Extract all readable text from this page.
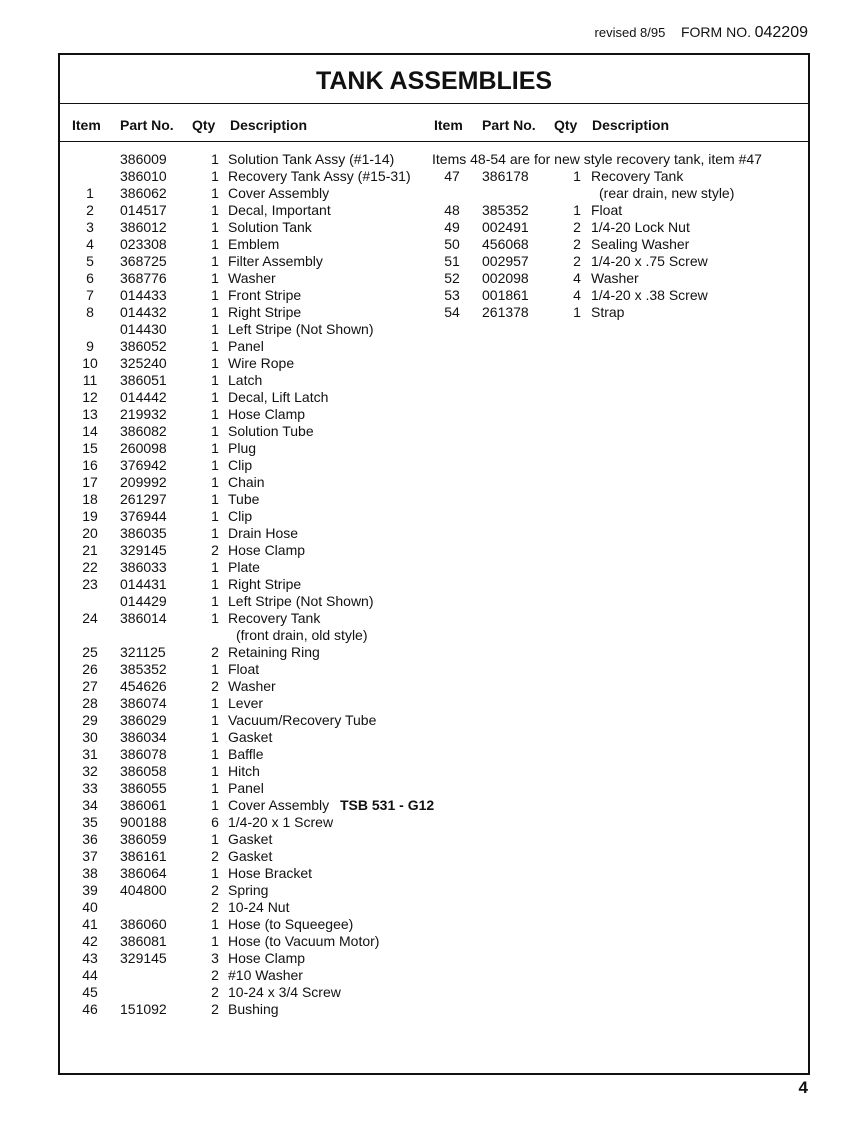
revised 8/95 FORM NO. 042209
TANK ASSEMBLIES
Item Part No. Qty Description	Item Part No. Qty Description
Items 48-54 are for new style recovery tank, item #47
386009	1 Solution Tank Assy (#1-14)
386010	1 Recovery Tank Assy (#15-31)
1	386062	1 Cover Assembly
2	014517	1 Decal, Important
3	386012	1 Solution Tank
4	023308	1 Emblem
5	368725	1 Filter Assembly
6	368776	1 Washer
7	014433	1 Front Stripe
8	014432	1 Right Stripe
014430	1 Left Stripe (Not Shown)
9	386052	1 Panel
10	325240	1 Wire Rope
11	386051	1 Latch
12	014442	1 Decal, Lift Latch
13	219932	1 Hose Clamp
14	386082	1 Solution Tube
15	260098	1 Plug
16	376942	1 Clip
17	209992	1 Chain
18	261297	1 Tube
19	376944	1 Clip
20	386035	1 Drain Hose
21	329145	2 Hose Clamp
22	386033	1 Plate
23	014431	1 Right Stripe
014429	1 Left Stripe (Not Shown)
24	386014	1 Recovery Tank
(front drain, old style)
25	321125	2 Retaining Ring
26	385352	1 Float
27	454626	2 Washer
28	386074	1 Lever
29	386029	1 Vacuum/Recovery Tube
30	386034	1 Gasket
31	386078	1 Baffle
32	386058	1 Hitch
33	386055	1 Panel
34	386061	1 Cover Assembly TSB 531 - G12
35	900188	6 1/4-20 x 1 Screw
36	386059	1 Gasket
37	386161	2 Gasket
38	386064	1 Hose Bracket
39	404800	2 Spring
40	2 10-24 Nut
41	386060	1 Hose (to Squeegee)
42	386081	1 Hose (to Vacuum Motor)
43	329145	3 Hose Clamp
44	2 #10 Washer
45	2 10-24 x 3/4 Screw
46	151092	2 Bushing
47	386178	1 Recovery Tank
(rear drain, new style)
48	385352	1 Float
49	002491	2 1/4-20 Lock Nut
50	456068	2 Sealing Washer
51	002957	2 1/4-20 x .75 Screw
52	002098	4 Washer
53	001861	4 1/4-20 x .38 Screw
54	261378	1 Strap
4
